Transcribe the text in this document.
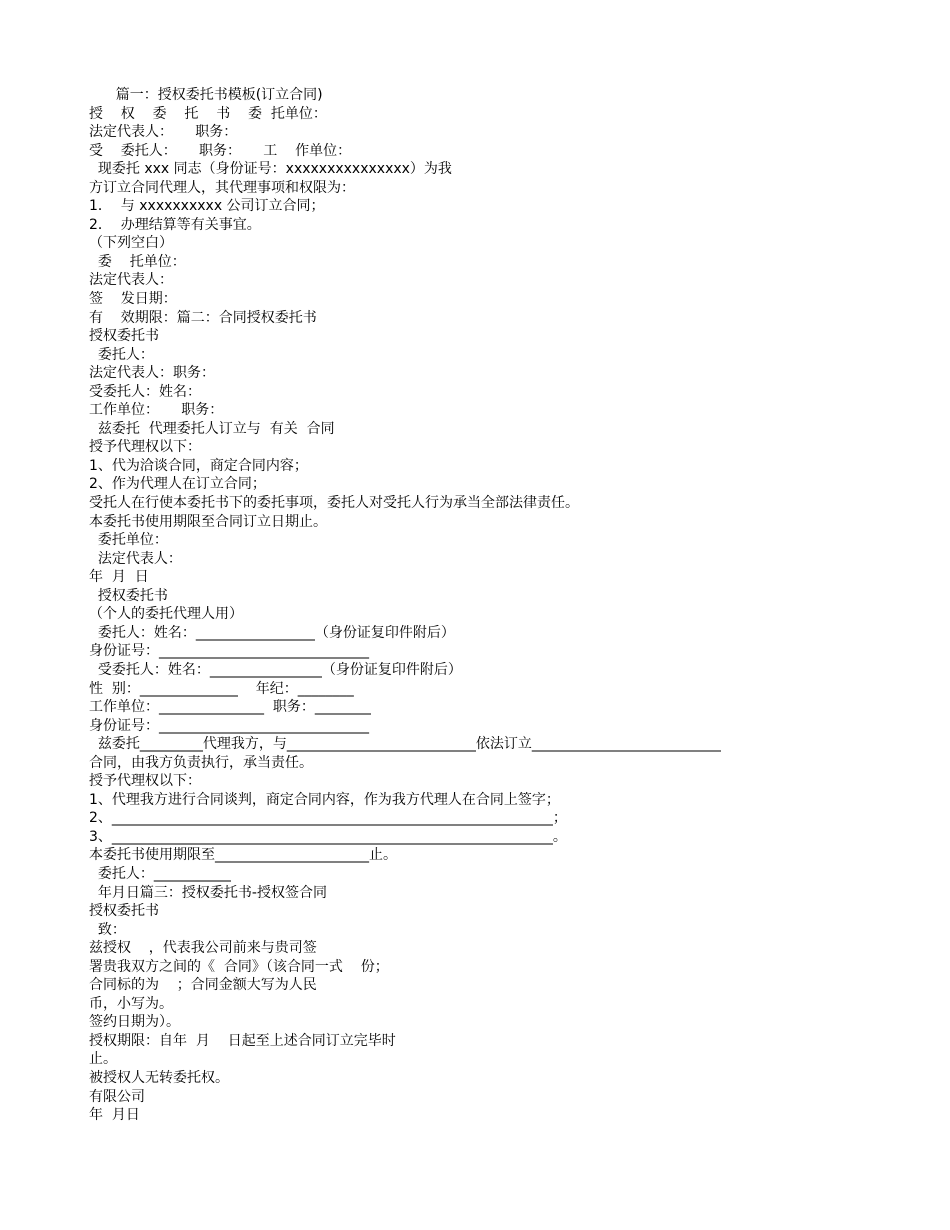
篇一：授权委托书模板(订立合同)
授    权    委    托    书    委  托单位：
法定代表人：     职务：
受    委托人：     职务：     工    作单位：
现委托 xxx 同志（身份证号：xxxxxxxxxxxxxxx）为我
方订立合同代理人，其代理事项和权限为：
1．  与 xxxxxxxxxx 公司订立合同；
2．  办理结算等有关事宜。
（下列空白）
委    托单位：
法定代表人：
签    发日期：
有    效期限：篇二：合同授权委托书
授权委托书
委托人：
法定代表人：职务：
受委托人：姓名：
工作单位：     职务：
兹委托  代理委托人订立与  有关  合同
授予代理权以下：
1、代为洽谈合同，商定合同内容；
2、作为代理人在订立合同；
受托人在行使本委托书下的委托事项，委托人对受托人行为承当全部法律责任。
本委托书使用期限至合同订立日期止。
委托单位：
法定代表人：
年  月  日
授权委托书
（个人的委托代理人用）
委托人：姓名：_________________（身份证复印件附后）
身份证号：______________________________
受委托人：姓名：________________（身份证复印件附后）
性  别：______________    年纪：________
工作单位：_______________  职务：________
身份证号：______________________________
兹委托_________代理我方，与___________________________依法订立___________________________
合同，由我方负责执行，承当责任。
授予代理权以下：
1、代理我方进行合同谈判，商定合同内容，作为我方代理人在合同上签字；
2、_______________________________________________________________；
3、_______________________________________________________________。
本委托书使用期限至______________________止。
委托人：___________
年月日篇三：授权委托书-授权签合同
授权委托书
致：
兹授权    ，代表我公司前来与贵司签
署贵我双方之间的《  合同》（该合同一式    份；
合同标的为    ；合同金额大写为人民
币，小写为。
签约日期为）。
授权期限：自年  月    日起至上述合同订立完毕时
止。
被授权人无转委托权。
有限公司
年  月日
